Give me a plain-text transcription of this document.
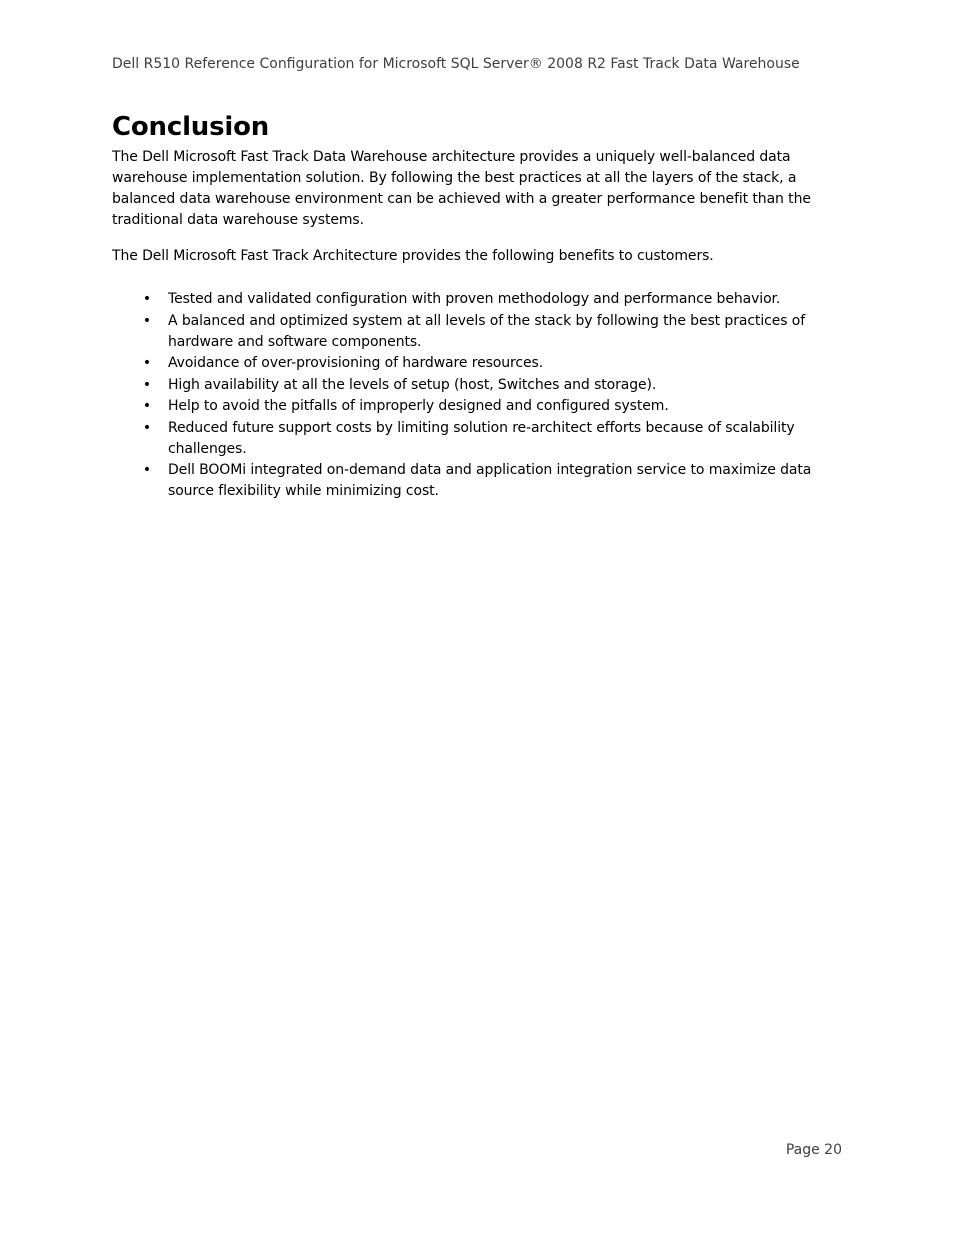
Dell R510 Reference Configuration for Microsoft SQL Server® 2008 R2 Fast Track Data Warehouse
Conclusion

The Dell Microsoft Fast Track Data Warehouse architecture provides a uniquely well-balanced data warehouse implementation solution. By following the best practices at all the layers of the stack, a balanced data warehouse environment can be achieved with a greater performance benefit than the traditional data warehouse systems.

The Dell Microsoft Fast Track Architecture provides the following benefits to customers.

• Tested and validated configuration with proven methodology and performance behavior.
• A balanced and optimized system at all levels of the stack by following the best practices of hardware and software components.
• Avoidance of over-provisioning of hardware resources.
• High availability at all the levels of setup (host, Switches and storage).
• Help to avoid the pitfalls of improperly designed and configured system.
• Reduced future support costs by limiting solution re-architect efforts because of scalability challenges.
• Dell BOOMi integrated on-demand data and application integration service to maximize data source flexibility while minimizing cost.
Page 20
